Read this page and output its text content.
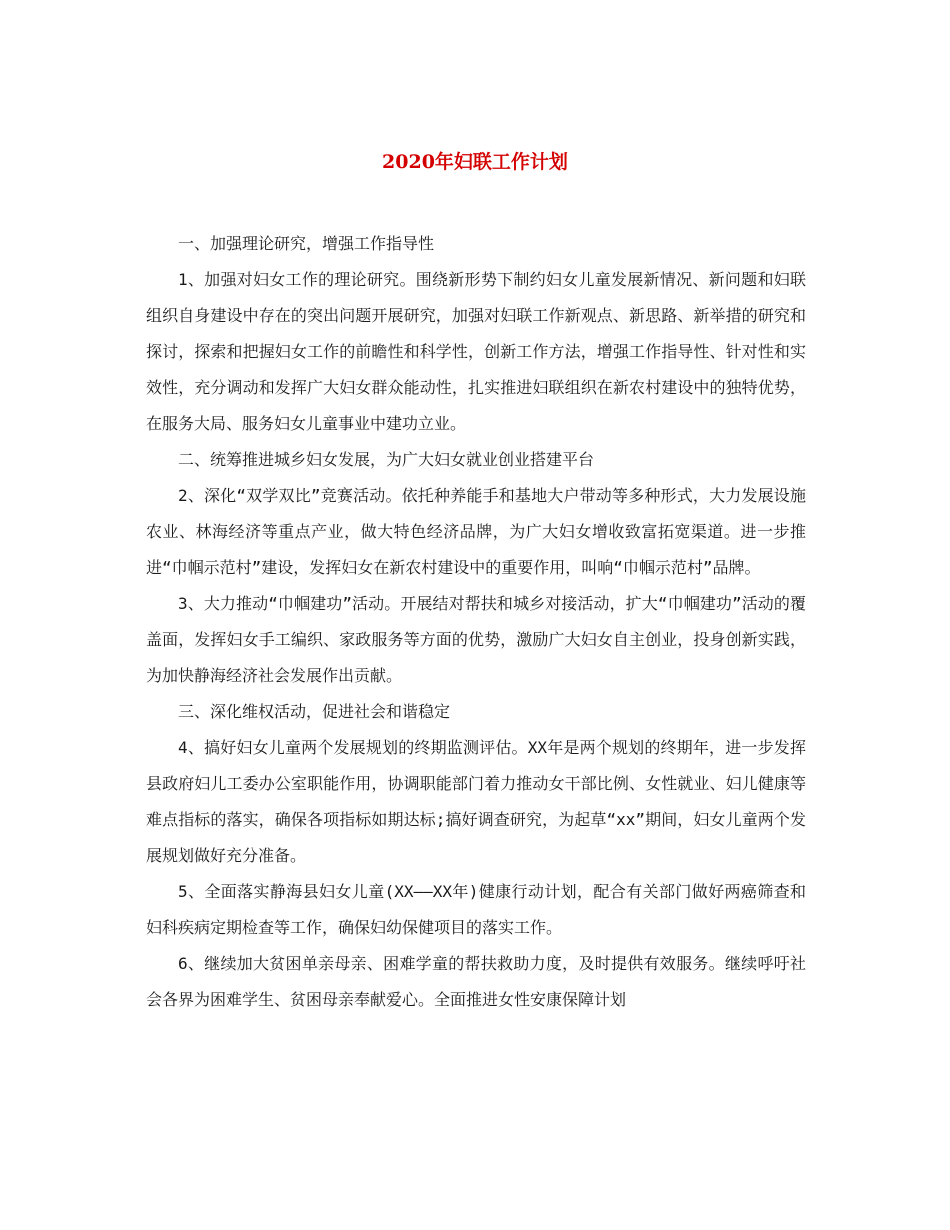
2020年妇联工作计划

一、加强理论研究，增强工作指导性

1、加强对妇女工作的理论研究。围绕新形势下制约妇女儿童发展新情况、新问题和妇联组织自身建设中存在的突出问题开展研究，加强对妇联工作新观点、新思路、新举措的研究和探讨，探索和把握妇女工作的前瞻性和科学性，创新工作方法，增强工作指导性、针对性和实效性，充分调动和发挥广大妇女群众能动性，扎实推进妇联组织在新农村建设中的独特优势，在服务大局、服务妇女儿童事业中建功立业。

二、统筹推进城乡妇女发展，为广大妇女就业创业搭建平台

2、深化“双学双比”竞赛活动。依托种养能手和基地大户带动等多种形式，大力发展设施农业、林海经济等重点产业，做大特色经济品牌，为广大妇女增收致富拓宽渠道。进一步推进“巾帼示范村”建设，发挥妇女在新农村建设中的重要作用，叫响“巾帼示范村”品牌。

3、大力推动“巾帼建功”活动。开展结对帮扶和城乡对接活动，扩大“巾帼建功”活动的覆盖面，发挥妇女手工编织、家政服务等方面的优势，激励广大妇女自主创业，投身创新实践，为加快静海经济社会发展作出贡献。

三、深化维权活动，促进社会和谐稳定

4、搞好妇女儿童两个发展规划的终期监测评估。XX年是两个规划的终期年，进一步发挥县政府妇儿工委办公室职能作用，协调职能部门着力推动女干部比例、女性就业、妇儿健康等难点指标的落实，确保各项指标如期达标;搞好调查研究，为起草“xx”期间，妇女儿童两个发展规划做好充分准备。

5、全面落实静海县妇女儿童(XX——XX年)健康行动计划，配合有关部门做好两癌筛查和妇科疾病定期检查等工作，确保妇幼保健项目的落实工作。

6、继续加大贫困单亲母亲、困难学童的帮扶救助力度，及时提供有效服务。继续呼吁社会各界为困难学生、贫困母亲奉献爱心。全面推进女性安康保障计划
